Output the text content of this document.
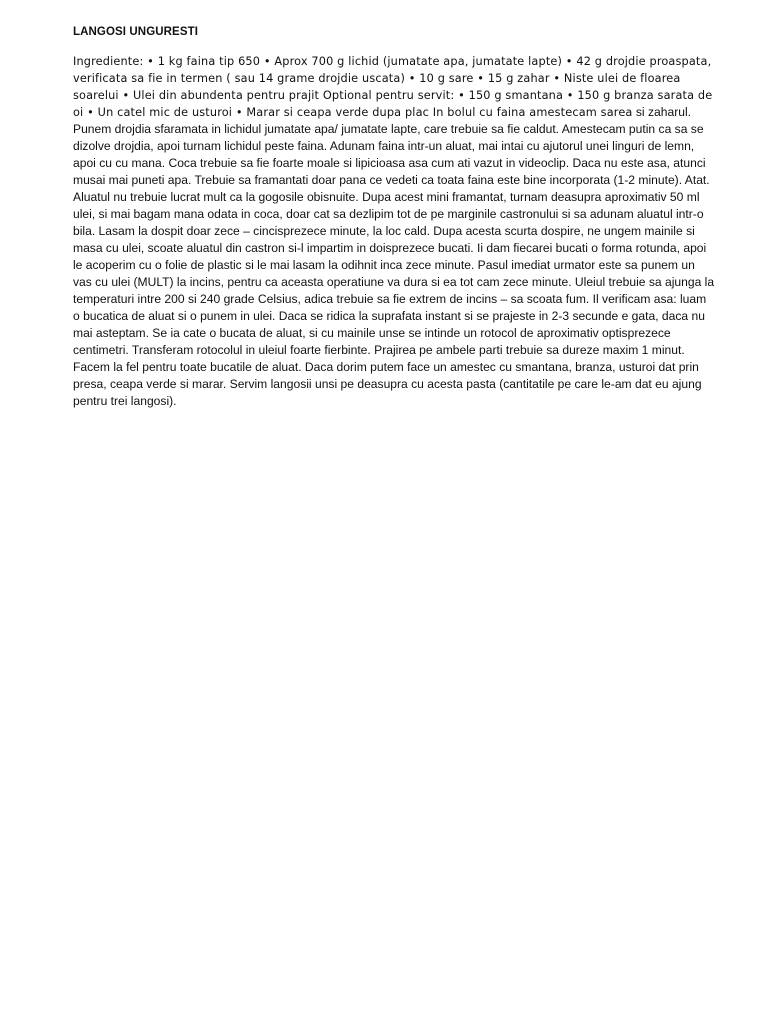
LANGOSI UNGURESTI

Ingrediente: • 1 kg faina tip 650 • Aprox 700 g lichid (jumatate apa, jumatate lapte) • 42 g drojdie proaspata, verificata sa fie in termen ( sau 14 grame drojdie uscata) • 10 g sare • 15 g zahar • Niste ulei de floarea soarelui • Ulei din abundenta pentru prajit Optional pentru servit: • 150 g smantana • 150 g branza sarata de oi • Un catel mic de usturoi • Marar si ceapa verde dupa plac In bolul cu faina amestecam sarea si zaharul. Punem drojdia sfaramata in lichidul jumatate apa/ jumatate lapte, care trebuie sa fie caldut. Amestecam putin ca sa se dizolve drojdia, apoi turnam lichidul peste faina. Adunam faina intr-un aluat, mai intai cu ajutorul unei linguri de lemn, apoi cu cu mana. Coca trebuie sa fie foarte moale si lipicioasa asa cum ati vazut in videoclip. Daca nu este asa, atunci musai mai puneti apa. Trebuie sa framantati doar pana ce vedeti ca toata faina este bine incorporata (1-2 minute). Atat. Aluatul nu trebuie lucrat mult ca la gogosile obisnuite. Dupa acest mini framantat, turnam deasupra aproximativ 50 ml ulei, si mai bagam mana odata in coca, doar cat sa dezlipim tot de pe marginile castronului si sa adunam aluatul intr-o bila. Lasam la dospit doar zece – cincisprezece minute, la loc cald. Dupa acesta scurta dospire, ne ungem mainile si masa cu ulei, scoate aluatul din castron si-l impartim in doisprezece bucati. Ii dam fiecarei bucati o forma rotunda, apoi le acoperim cu o folie de plastic si le mai lasam la odihnit inca zece minute. Pasul imediat urmator este sa punem un vas cu ulei (MULT) la incins, pentru ca aceasta operatiune va dura si ea tot cam zece minute. Uleiul trebuie sa ajunga la temperaturi intre 200 si 240 grade Celsius, adica trebuie sa fie extrem de incins – sa scoata fum. Il verificam asa: luam o bucatica de aluat si o punem in ulei. Daca se ridica la suprafata instant si se prajeste in 2-3 secunde e gata, daca nu mai asteptam. Se ia cate o bucata de aluat, si cu mainile unse se intinde un rotocol de aproximativ optisprezece centimetri. Transferam rotocolul in uleiul foarte fierbinte. Prajirea pe ambele parti trebuie sa dureze maxim 1 minut. Facem la fel pentru toate bucatile de aluat. Daca dorim putem face un amestec cu smantana, branza, usturoi dat prin presa, ceapa verde si marar. Servim langosii unsi pe deasupra cu acesta pasta (cantitatile pe care le-am dat eu ajung pentru trei langosi).
